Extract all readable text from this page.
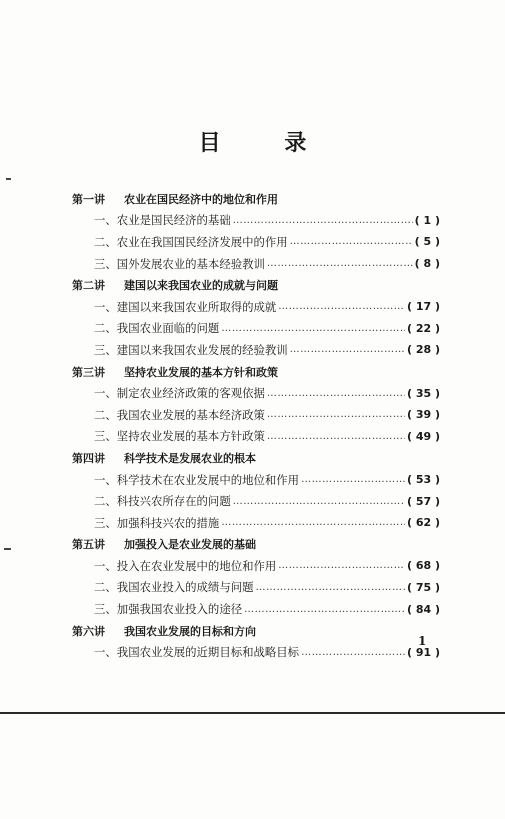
目 录
第一讲	农业在国民经济中的地位和作用
一、 农业是国民经济的基础 ……………………………………………………………………………………………………………………………………………	( 1 )
二、 农业在我国国民经济发展中的作用 ……………………………………………………………………………………………………………………………………………	( 5 )
三、 国外发展农业的基本经验教训 ……………………………………………………………………………………………………………………………………………	( 8 )
第二讲	建国以来我国农业的成就与问题
一、 建国以来我国农业所取得的成就 ……………………………………………………………………………………………………………………………………………	( 17 )
二、 我国农业面临的问题 ……………………………………………………………………………………………………………………………………………	( 22 )
三、 建国以来我国农业发展的经验教训 ……………………………………………………………………………………………………………………………………………	( 28 )
第三讲	坚持农业发展的基本方针和政策
一、 制定农业经济政策的客观依据 ……………………………………………………………………………………………………………………………………………	( 35 )
二、 我国农业发展的基本经济政策 ……………………………………………………………………………………………………………………………………………	( 39 )
三、 坚持农业发展的基本方针政策 ……………………………………………………………………………………………………………………………………………	( 49 )
第四讲	科学技术是发展农业的根本
一、 科学技术在农业发展中的地位和作用 ……………………………………………………………………………………………………………………………………………	( 53 )
二、 科技兴农所存在的问题 ……………………………………………………………………………………………………………………………………………	( 57 )
三、 加强科技兴农的措施 ……………………………………………………………………………………………………………………………………………	( 62 )
第五讲	加强投入是农业发展的基础
一、 投入在农业发展中的地位和作用 ……………………………………………………………………………………………………………………………………………	( 68 )
二、 我国农业投入的成绩与问题 ……………………………………………………………………………………………………………………………………………	( 75 )
三、 加强我国农业投入的途径 ……………………………………………………………………………………………………………………………………………	( 84 )
第六讲	我国农业发展的目标和方向
一、 我国农业发展的近期目标和战略目标 ……………………………………………………………………………………………………………………………………………	( 91 )
1
